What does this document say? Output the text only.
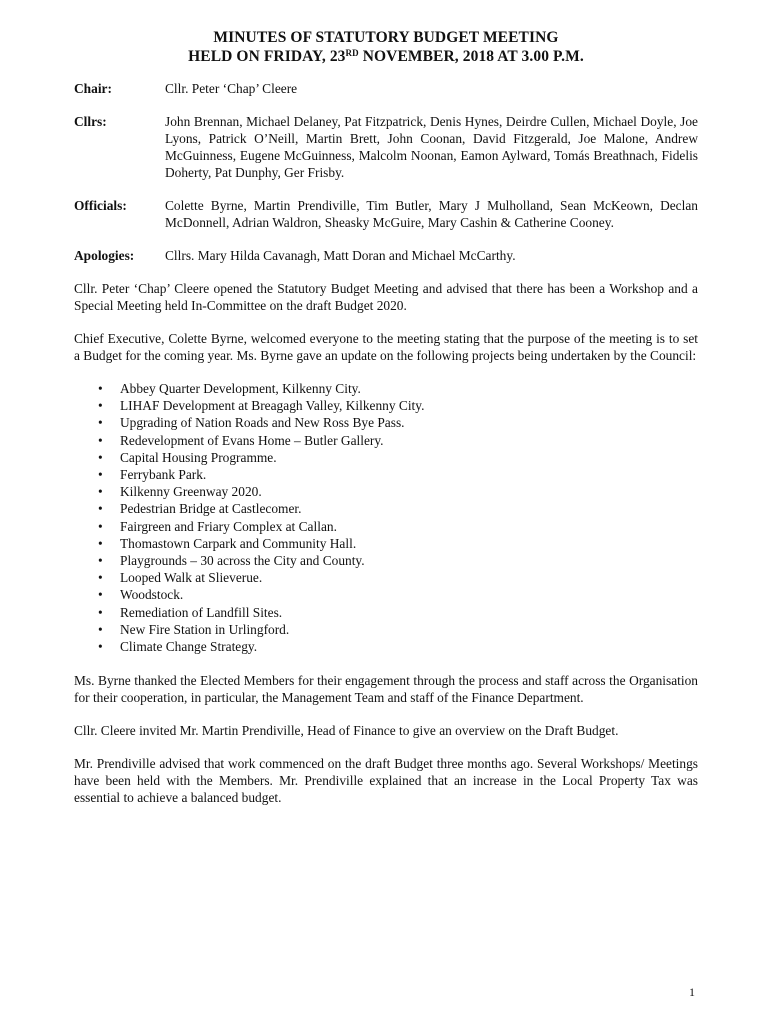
MINUTES OF STATUTORY BUDGET MEETING
HELD ON FRIDAY, 23RD NOVEMBER, 2018 AT 3.00 P.M.
Chair:	Cllr. Peter ‘Chap’ Cleere
Cllrs:	John Brennan, Michael Delaney, Pat Fitzpatrick, Denis Hynes, Deirdre Cullen, Michael Doyle, Joe Lyons, Patrick O’Neill, Martin Brett, John Coonan, David Fitzgerald, Joe Malone, Andrew McGuinness, Eugene McGuinness, Malcolm Noonan, Eamon Aylward, Tomás Breathnach, Fidelis Doherty, Pat Dunphy, Ger Frisby.
Officials:	Colette Byrne, Martin Prendiville, Tim Butler, Mary J Mulholland, Sean McKeown, Declan McDonnell, Adrian Waldron, Sheasky McGuire, Mary Cashin & Catherine Cooney.
Apologies:	Cllrs. Mary Hilda Cavanagh, Matt Doran and Michael McCarthy.

Cllr. Peter ‘Chap’ Cleere opened the Statutory Budget Meeting and advised that there has been a Workshop and a Special Meeting held In-Committee on the draft Budget 2020.

Chief Executive, Colette Byrne, welcomed everyone to the meeting stating that the purpose of the meeting is to set a Budget for the coming year. Ms. Byrne gave an update on the following projects being undertaken by the Council:

• Abbey Quarter Development, Kilkenny City.
• LIHAF Development at Breagagh Valley, Kilkenny City.
• Upgrading of Nation Roads and New Ross Bye Pass.
• Redevelopment of Evans Home – Butler Gallery.
• Capital Housing Programme.
• Ferrybank Park.
• Kilkenny Greenway 2020.
• Pedestrian Bridge at Castlecomer.
• Fairgreen and Friary Complex at Callan.
• Thomastown Carpark and Community Hall.
• Playgrounds – 30 across the City and County.
• Looped Walk at Slieverue.
• Woodstock.
• Remediation of Landfill Sites.
• New Fire Station in Urlingford.
• Climate Change Strategy.

Ms. Byrne thanked the Elected Members for their engagement through the process and staff across the Organisation for their cooperation, in particular, the Management Team and staff of the Finance Department.

Cllr. Cleere invited Mr. Martin Prendiville, Head of Finance to give an overview on the Draft Budget.

Mr. Prendiville advised that work commenced on the draft Budget three months ago. Several Workshops/ Meetings have been held with the Members. Mr. Prendiville explained that an increase in the Local Property Tax was essential to achieve a balanced budget.

1
